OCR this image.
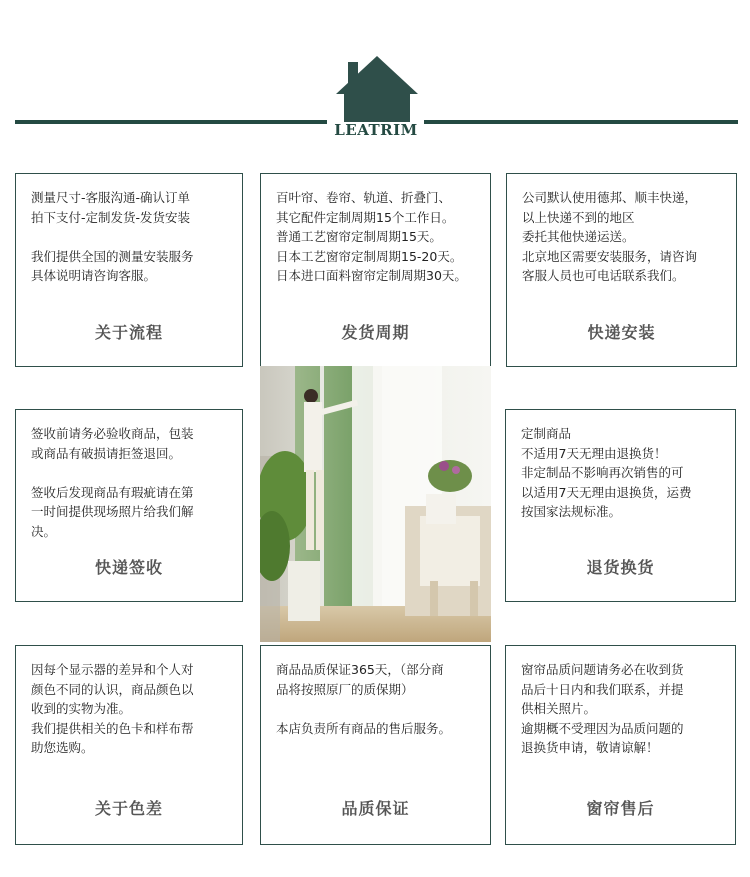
LEATRIM
测量尺寸-客服沟通-确认订单
拍下支付-定制发货-发货安装

我们提供全国的测量安装服务
具体说明请咨询客服。
关于流程
百叶帘、卷帘、轨道、折叠门、
其它配件定制周期15个工作日。
普通工艺窗帘定制周期15天。
日本工艺窗帘定制周期15-20天。
日本进口面料窗帘定制周期30天。
发货周期
公司默认使用德邦、顺丰快递，
以上快递不到的地区
委托其他快递运送。
北京地区需要安装服务，请咨询
客服人员也可电话联系我们。
快递安装
签收前请务必验收商品，包装
或商品有破损请拒签退回。

签收后发现商品有瑕疵请在第
一时间提供现场照片给我们解
决。
快递签收
定制商品
不适用7天无理由退换货！
非定制品不影响再次销售的可
以适用7天无理由退换货，运费
按国家法规标准。
退货换货
因每个显示器的差异和个人对
颜色不同的认识，商品颜色以
收到的实物为准。
我们提供相关的色卡和样布帮
助您选购。
关于色差
商品品质保证365天，（部分商
品将按照原厂的质保期）

本店负责所有商品的售后服务。
品质保证
窗帘品质问题请务必在收到货
品后十日内和我们联系，并提
供相关照片。
逾期概不受理因为品质问题的
退换货申请，敬请谅解！
窗帘售后
